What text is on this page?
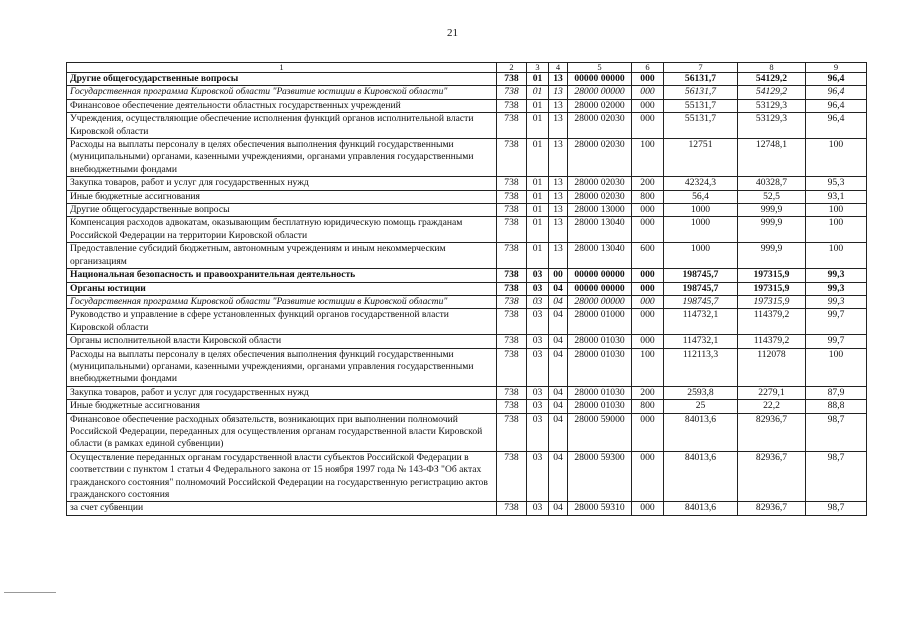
21
1	2	3	4	5	6	7	8	9
Другие общегосударственные вопросы	738	01	13	00000 00000	000	56131,7	54129,2	96,4
Государственная программа Кировской области "Развитие юстиции в Кировской области"	738	01	13	28000 00000	000	56131,7	54129,2	96,4
Финансовое обеспечение деятельности областных государственных учреждений	738	01	13	28000 02000	000	55131,7	53129,3	96,4
Учреждения, осуществляющие обеспечение исполнения функций органов исполнительной власти Кировской области	738	01	13	28000 02030	000	55131,7	53129,3	96,4
Расходы на выплаты персоналу в целях обеспечения выполнения функций государственными (муниципальными) органами, казенными учреждениями, органами управления государственными внебюджетными фондами	738	01	13	28000 02030	100	12751	12748,1	100
Закупка товаров, работ и услуг для государственных нужд	738	01	13	28000 02030	200	42324,3	40328,7	95,3
Иные бюджетные ассигнования	738	01	13	28000 02030	800	56,4	52,5	93,1
Другие общегосударственные вопросы	738	01	13	28000 13000	000	1000	999,9	100
Компенсация расходов адвокатам, оказывающим бесплатную юридическую помощь гражданам Российской Федерации на территории Кировской области	738	01	13	28000 13040	000	1000	999,9	100
Предоставление субсидий бюджетным, автономным учреждениям и иным некоммерческим организациям	738	01	13	28000 13040	600	1000	999,9	100
Национальная безопасность и правоохранительная деятельность	738	03	00	00000 00000	000	198745,7	197315,9	99,3
Органы юстиции	738	03	04	00000 00000	000	198745,7	197315,9	99,3
Государственная программа Кировской области "Развитие юстиции в Кировской области"	738	03	04	28000 00000	000	198745,7	197315,9	99,3
Руководство и управление в сфере установленных функций органов государственной власти Кировской области	738	03	04	28000 01000	000	114732,1	114379,2	99,7
Органы исполнительной власти Кировской области	738	03	04	28000 01030	000	114732,1	114379,2	99,7
Расходы на выплаты персоналу в целях обеспечения выполнения функций государственными (муниципальными) органами, казенными учреждениями, органами управления государственными внебюджетными фондами	738	03	04	28000 01030	100	112113,3	112078	100
Закупка товаров, работ и услуг для государственных нужд	738	03	04	28000 01030	200	2593,8	2279,1	87,9
Иные бюджетные ассигнования	738	03	04	28000 01030	800	25	22,2	88,8
Финансовое обеспечение расходных обязательств, возникающих при выполнении полномочий Российской Федерации, переданных для осуществления органам государственной власти Кировской области (в рамках единой субвенции)	738	03	04	28000 59000	000	84013,6	82936,7	98,7
Осуществление переданных органам государственной власти субъектов Российской Федерации в соответствии с пунктом 1 статьи 4 Федерального закона от 15 ноября 1997 года № 143-ФЗ "Об актах гражданского состояния" полномочий Российской Федерации на государственную регистрацию актов гражданского состояния	738	03	04	28000 59300	000	84013,6	82936,7	98,7
за счет субвенции	738	03	04	28000 59310	000	84013,6	82936,7	98,7
